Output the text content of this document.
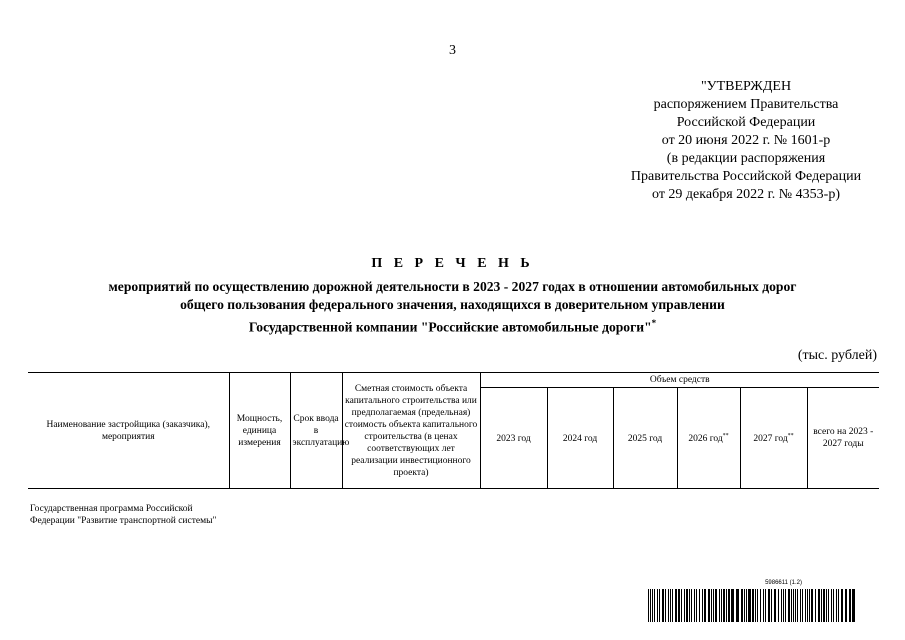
3
"УТВЕРЖДЕН
распоряжением Правительства
Российской Федерации
от 20 июня 2022 г. № 1601-р
(в редакции распоряжения
Правительства Российской Федерации
от 29 декабря 2022 г. № 4353-р)
П Е Р Е Ч Е Н Ь
мероприятий по осуществлению дорожной деятельности в 2023 - 2027 годах в отношении автомобильных дорог
общего пользования федерального значения, находящихся в доверительном управлении
Государственной компании "Российские автомобильные дороги"*
(тыс. рублей)
Наименование застройщика (заказчика), мероприятия	Мощность, единица измерения	Срок ввода в эксплуатацию	Сметная стоимость объекта капитального строительства или предполагаемая (предельная) стоимость объекта капитального строительства (в ценах соответствующих лет реализации инвестиционного проекта)	Объем средств					
				2023 год	2024 год	2025 год	2026 год**	2027 год**	всего на 2023 - 2027 годы
Государственная программа Российской Федерации "Развитие транспортной системы"
5986611 (1.2)
